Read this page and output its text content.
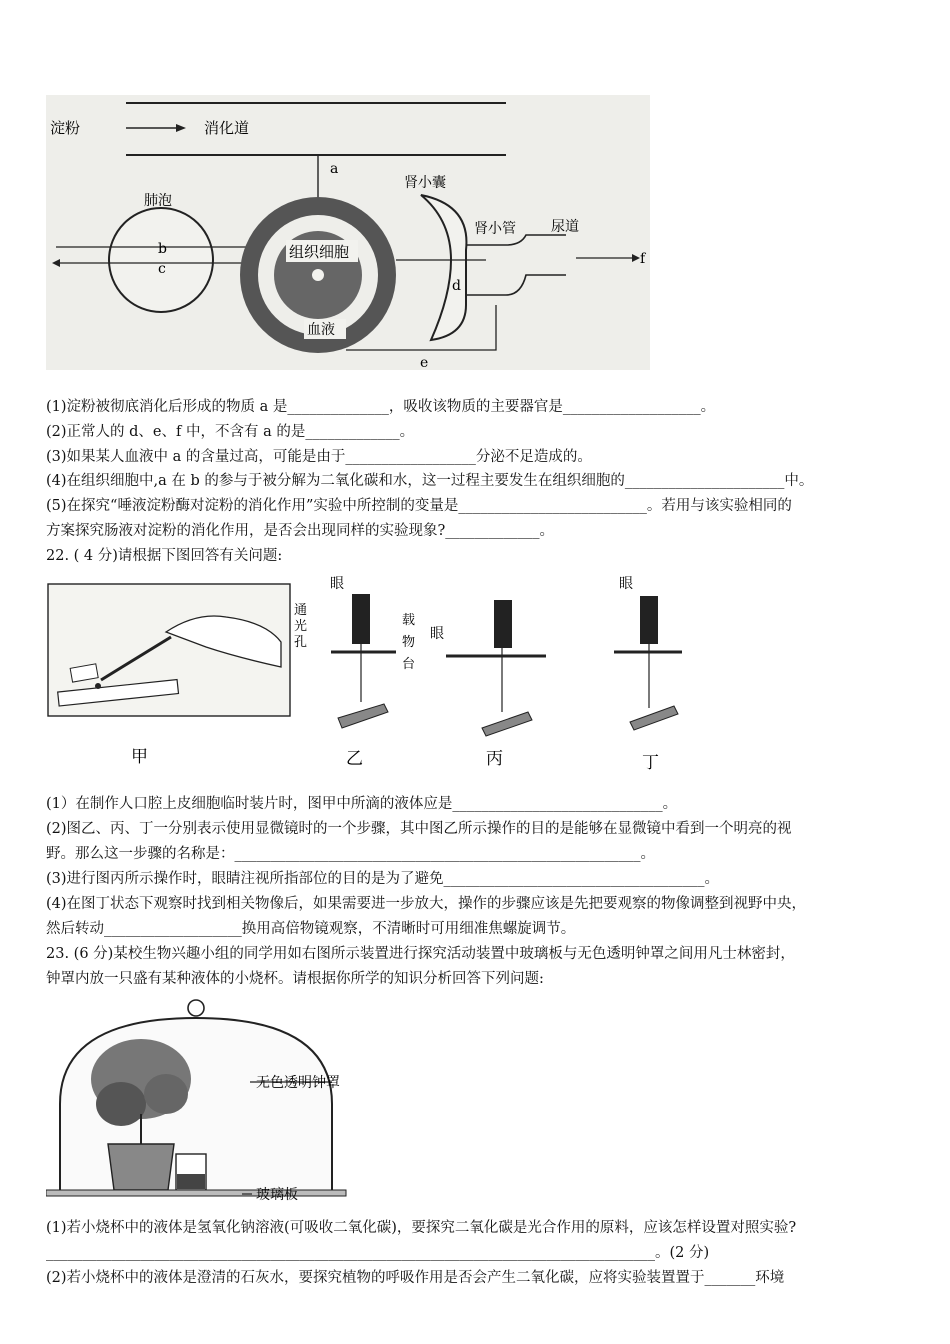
淀粉	消化道
a
肺泡
b
c
组织细胞
血液
肾小囊
肾小管	尿道
d
f
e
(1)淀粉被彻底消化后形成的物质 a 是______________，吸收该物质的主要器官是___________________。
(2)正常人的 d、e、f 中，不含有 a 的是_____________。
(3)如果某人血液中 a 的含量过高，可能是由于__________________分泌不足造成的。
(4)在组织细胞中,a 在 b 的参与于被分解为二氧化碳和水，这一过程主要发生在组织细胞的______________________中。
(5)在探究“唾液淀粉酶对淀粉的消化作用”实验中所控制的变量是__________________________。若用与该实验相同的
方案探究肠液对淀粉的消化作用，是否会出现同样的实验现象?_____________。
22. ( 4 分)请根据下图回答有关问题:
甲
眼
通
光
孔
载
物
台
乙
眼
丙
眼
丁
(1）在制作人口腔上皮细胞临时装片时，图甲中所滴的液体应是_____________________________。
(2)图乙、丙、丁一分别表示使用显微镜时的一个步骤，其中图乙所示操作的目的是能够在显微镜中看到一个明亮的视
野。那么这一步骤的名称是：________________________________________________________。
(3)进行图丙所示操作时，眼睛注视所指部位的目的是为了避免____________________________________。
(4)在图丁状态下观察时找到相关物像后，如果需要进一步放大，操作的步骤应该是先把要观察的物像调整到视野中央，
然后转动___________________换用高倍物镜观察，不清晰时可用细准焦螺旋调节。
23. (6 分)某校生物兴趣小组的同学用如右图所示装置进行探究活动装置中玻璃板与无色透明钟罩之间用凡士林密封，
钟罩内放一只盛有某种液体的小烧杯。请根据你所学的知识分析回答下列问题:
无色透明钟罩
玻璃板
(1)若小烧杯中的液体是氢氧化钠溶液(可吸收二氧化碳)，要探究二氧化碳是光合作用的原料，应该怎样设置对照实验?
____________________________________________________________________________________。(2 分)
(2)若小烧杯中的液体是澄清的石灰水，要探究植物的呼吸作用是否会产生二氧化碳，应将实验装置置于_______环境
